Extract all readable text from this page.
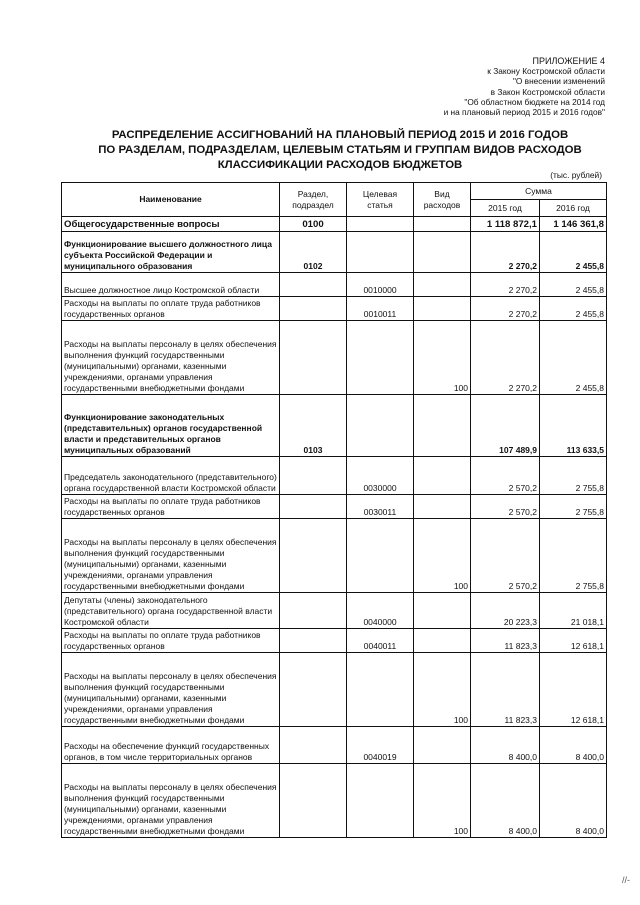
ПРИЛОЖЕНИЕ 4
к Закону Костромской области
"О внесении изменений
в Закон Костромской области
"Об областном бюджете на 2014 год
и на плановый период 2015 и 2016 годов"
РАСПРЕДЕЛЕНИЕ АССИГНОВАНИЙ НА ПЛАНОВЫЙ ПЕРИОД 2015 И 2016 ГОДОВ
ПО РАЗДЕЛАМ, ПОДРАЗДЕЛАМ, ЦЕЛЕВЫМ СТАТЬЯМ И ГРУППАМ ВИДОВ РАСХОДОВ
КЛАССИФИКАЦИИ РАСХОДОВ БЮДЖЕТОВ
(тыс. рублей)
Наименование	Раздел, подраздел	Целевая статья	Вид расходов	Сумма	
				2015 год	2016 год
Общегосударственные вопросы	0100			1 118 872,1	1 146 361,8
Функционирование высшего должностного лица субъекта Российской Федерации и муниципального образования	0102			2 270,2	2 455,8
Высшее должностное лицо Костромской области		0010000		2 270,2	2 455,8
Расходы на выплаты по оплате труда работников государственных органов		0010011		2 270,2	2 455,8
Расходы на выплаты персоналу в целях обеспечения выполнения функций государственными (муниципальными) органами, казенными учреждениями, органами управления государственными внебюджетными фондами			100	2 270,2	2 455,8
Функционирование законодательных (представительных) органов государственной власти и представительных органов муниципальных образований	0103			107 489,9	113 633,5
Председатель законодательного (представительного) органа государственной власти Костромской области		0030000		2 570,2	2 755,8
Расходы на выплаты по оплате труда работников государственных органов		0030011		2 570,2	2 755,8
Расходы на выплаты персоналу в целях обеспечения выполнения функций государственными (муниципальными) органами, казенными учреждениями, органами управления государственными внебюджетными фондами			100	2 570,2	2 755,8
Депутаты (члены) законодательного (представительного) органа государственной власти Костромской области		0040000		20 223,3	21 018,1
Расходы на выплаты по оплате труда работников государственных органов		0040011		11 823,3	12 618,1
Расходы на выплаты персоналу в целях обеспечения выполнения функций государственными (муниципальными) органами, казенными учреждениями, органами управления государственными внебюджетными фондами			100	11 823,3	12 618,1
Расходы на обеспечение функций государственных органов, в том числе территориальных органов		0040019		8 400,0	8 400,0
Расходы на выплаты персоналу в целях обеспечения выполнения функций государственными (муниципальными) органами, казенными учреждениями, органами управления государственными внебюджетными фондами			100	8 400,0	8 400,0
//-
